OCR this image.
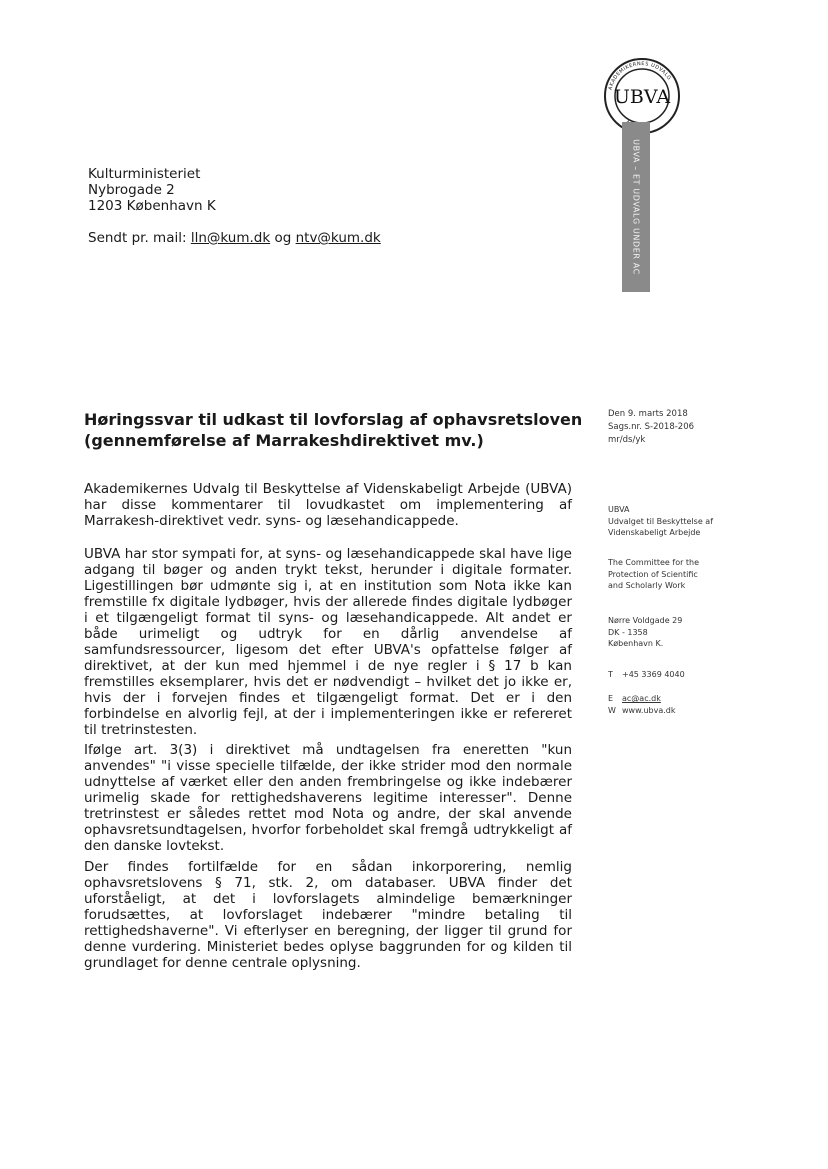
AKADEMIKERNES UDVALG
UBVA
UBVA – ET UDVALG UNDER AC
Kulturministeriet
Nybrogade 2
1203 København K
Sendt pr. mail: lln@kum.dk og ntv@kum.dk
Høringssvar til udkast til lovforslag af ophavsretsloven (gennemførelse af Marrakeshdirektivet mv.)
Den 9. marts 2018
Sags.nr. S-2018-206
mr/ds/yk
UBVA
Udvalget til Beskyttelse af
Videnskabeligt Arbejde
The Committee for the
Protection of Scientific
and Scholarly Work
Nørre Voldgade 29
DK - 1358
København K.
T +45 3369 4040
E ac@ac.dk
W www.ubva.dk
Akademikernes Udvalg til Beskyttelse af Videnskabeligt Arbejde (UBVA) har disse kommentarer til lovudkastet om implementering af Marrakesh-direktivet vedr. syns- og læsehandicappede.
UBVA har stor sympati for, at syns- og læsehandicappede skal have lige adgang til bøger og anden trykt tekst, herunder i digitale formater. Ligestillingen bør udmønte sig i, at en institution som Nota ikke kan fremstille fx digitale lydbøger, hvis der allerede findes digitale lydbøger i et tilgængeligt format til syns- og læsehandicappede. Alt andet er både urimeligt og udtryk for en dårlig anvendelse af samfundsressourcer, ligesom det efter UBVA's opfattelse følger af direktivet, at der kun med hjemmel i de nye regler i § 17 b kan fremstilles eksemplarer, hvis det er nødvendigt – hvilket det jo ikke er, hvis der i forvejen findes et tilgængeligt format. Det er i den forbindelse en alvorlig fejl, at der i implementeringen ikke er refereret til tretrinstesten.
Ifølge art. 3(3) i direktivet må undtagelsen fra eneretten "kun anvendes" "i visse specielle tilfælde, der ikke strider mod den normale udnyttelse af værket eller den anden frembringelse og ikke indebærer urimelig skade for rettighedshaverens legitime interesser". Denne tretrinstest er således rettet mod Nota og andre, der skal anvende ophavsretsundtagelsen, hvorfor forbeholdet skal fremgå udtrykkeligt af den danske lovtekst.
Der findes fortilfælde for en sådan inkorporering, nemlig ophavsretslovens § 71, stk. 2, om databaser. UBVA finder det uforståeligt, at det i lovforslagets almindelige bemærkninger forudsættes, at lovforslaget indebærer "mindre betaling til rettighedshaverne". Vi efterlyser en beregning, der ligger til grund for denne vurdering. Ministeriet bedes oplyse baggrunden for og kilden til grundlaget for denne centrale oplysning.
